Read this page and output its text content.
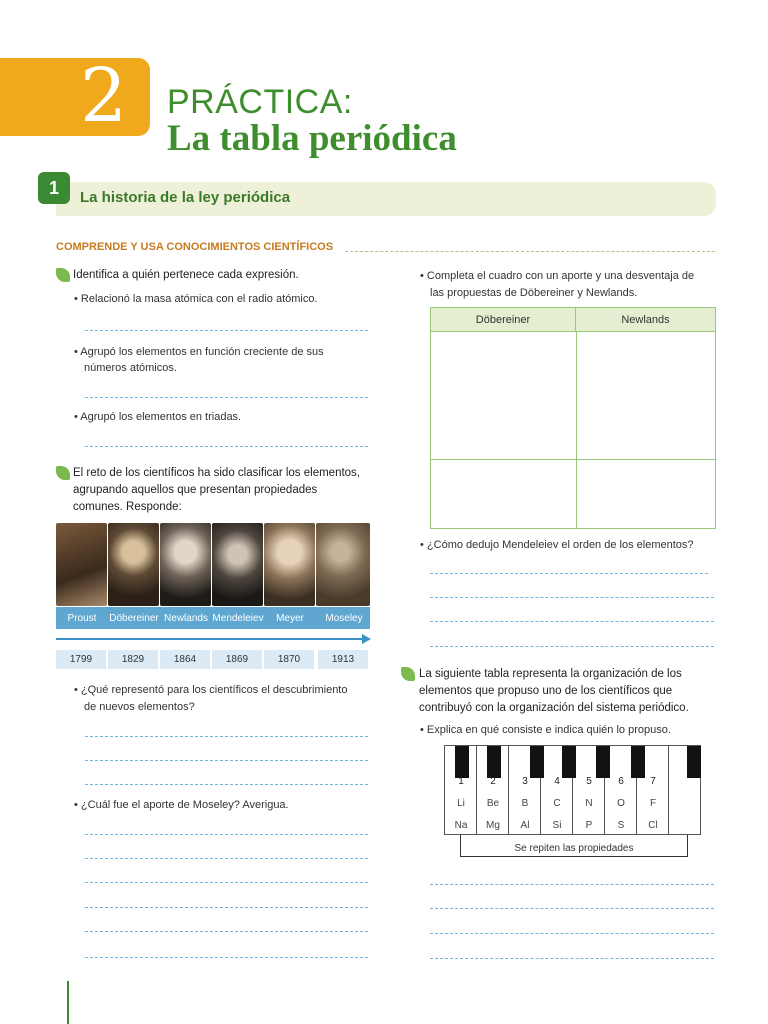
2 PRÁCTICA:
La tabla periódica
1	La historia de la ley periódica
COMPRENDE Y USA CONOCIMIENTOS CIENTÍFICOS
Identifica a quién pertenece cada expresión.
• Relacionó la masa atómica con el radio atómico.
• Agrupó los elementos en función creciente de sus
números atómicos.
• Agrupó los elementos en triadas.
El reto de los científicos ha sido clasificar los elementos,
agrupando aquellos que presentan propiedades
comunes. Responde:
Proust	Döbereiner Newlands Mendeleiev	Meyer	Moseley
1799	1829	1864	1869	1870	1913
• ¿Qué representó para los científicos el descubrimiento
de nuevos elementos?
• ¿Cuál fue el aporte de Moseley? Averigua.
• Completa el cuadro con un aporte y una desventaja de
las propuestas de Döbereiner y Newlands.
Döbereiner	Newlands
• ¿Cómo dedujo Mendeleiev el orden de los elementos?
La siguiente tabla representa la organización de los
elementos que propuso uno de los científicos que
contribuyó con la organización del sistema periódico.
• Explica en qué consiste e indica quién lo propuso.
1	2	3	4	5	6	7
Li	Be	B	C	N	O	F
Na	Mg	Al	Si	P	S	Cl
Se repiten las propiedades
